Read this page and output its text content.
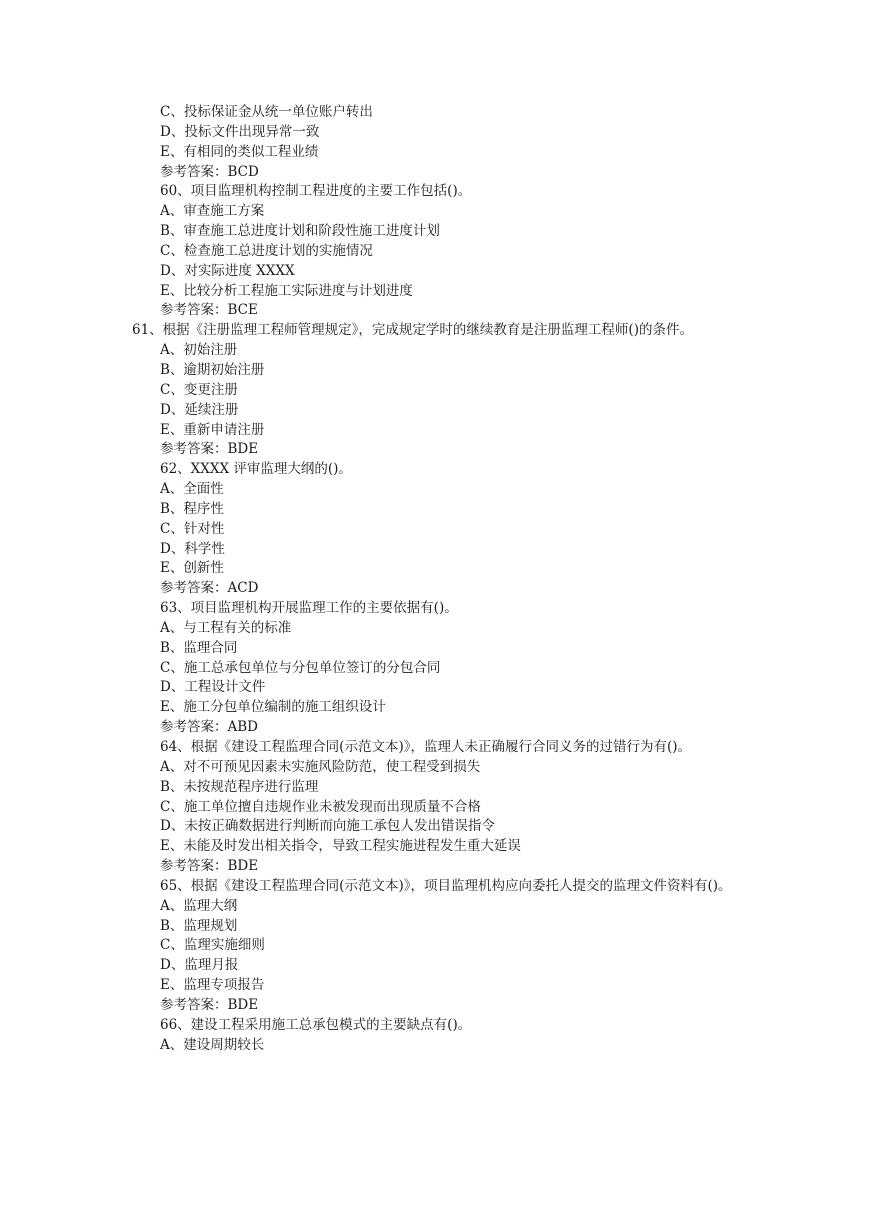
C、投标保证金从统一单位账户转出
D、投标文件出现异常一致
E、有相同的类似工程业绩
参考答案：BCD
60、项目监理机构控制工程进度的主要工作包括()。
A、审查施工方案
B、审查施工总进度计划和阶段性施工进度计划
C、检查施工总进度计划的实施情况
D、对实际进度 XXXX
E、比较分析工程施工实际进度与计划进度
参考答案：BCE
61、根据《注册监理工程师管理规定》，完成规定学时的继续教育是注册监理工程师()的条件。
A、初始注册
B、逾期初始注册
C、变更注册
D、延续注册
E、重新申请注册
参考答案：BDE
62、XXXX 评审监理大纲的()。
A、全面性
B、程序性
C、针对性
D、科学性
E、创新性
参考答案：ACD
63、项目监理机构开展监理工作的主要依据有()。
A、与工程有关的标准
B、监理合同
C、施工总承包单位与分包单位签订的分包合同
D、工程设计文件
E、施工分包单位编制的施工组织设计
参考答案：ABD
64、根据《建设工程监理合同(示范文本)》，监理人未正确履行合同义务的过错行为有()。
A、对不可预见因素未实施风险防范，使工程受到损失
B、未按规范程序进行监理
C、施工单位擅自违规作业未被发现而出现质量不合格
D、未按正确数据进行判断而向施工承包人发出错误指令
E、未能及时发出相关指令，导致工程实施进程发生重大延误
参考答案：BDE
65、根据《建设工程监理合同(示范文本)》，项目监理机构应向委托人提交的监理文件资料有()。
A、监理大纲
B、监理规划
C、监理实施细则
D、监理月报
E、监理专项报告
参考答案：BDE
66、建设工程采用施工总承包模式的主要缺点有()。
A、建设周期较长
